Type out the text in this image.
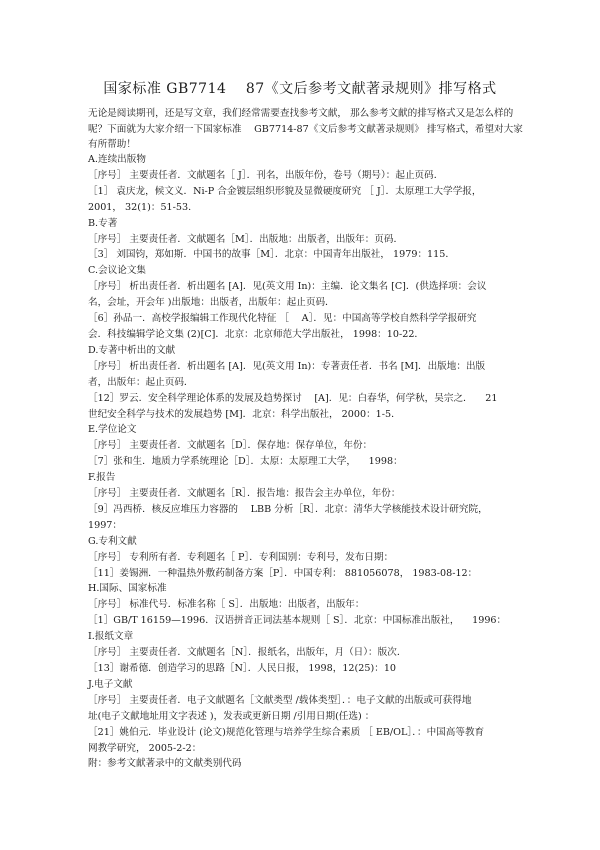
国家标准 GB7714 　87《文后参考文献著录规则》排写格式

无论是阅读期刊，还是写文章，我们经常需要查找参考文献， 那么参考文献的排写格式又是怎么样的呢？下面就为大家介绍一下国家标准 　GB7714-87《文后参考文献著录规则》 排写格式，希望对大家有所帮助！

A.连续出版物
［序号］ 主要责任者．文献题名［ J］．刊名，出版年份，卷号（期号）：起止页码．
［1］ 袁庆龙，候文义．Ni-P 合金镀层组织形貌及显微硬度研究 ［ J］．太原理工大学学报，
2001， 32(1)：51-53.
B.专著
［序号］ 主要责任者．文献题名［M］．出版地：出版者，出版年：页码．
［3］ 刘国钧，郑如斯．中国书的故事［M］．北京：中国青年出版社， 1979：115．
C.会议论文集
［序号］ 析出责任者．析出题名 [A]．见(英文用 In)：主编．论文集名 [C]．(供选择项：会议
名，会址，开会年 )出版地：出版者，出版年：起止页码．
［6］孙品一．高校学报编辑工作现代化特征 ［ 　A］．见：中国高等学校自然科学学报研究
会．科技编辑学论文集 (2)[C]．北京：北京师范大学出版社， 1998：10-22．
D.专著中析出的文献
［序号］ 析出责任者．析出题名 [A]．见(英文用 In)：专著责任者．书名 [M]．出版地：出版
者，出版年：起止页码．
［12］罗云．安全科学理论体系的发展及趋势探讨 　[A]．见：白春华，何学秋，吴宗之． 　21
世纪安全科学与技术的发展趋势 [M]．北京：科学出版社， 2000：1-5．
E.学位论文
［序号］ 主要责任者．文献题名［D］．保存地：保存单位，年份：
［7］张和生．地质力学系统理论［D］．太原：太原理工大学， 　1998：
F.报告
［序号］ 主要责任者．文献题名［R］．报告地：报告会主办单位，年份：
［9］冯西桥．核反应堆压力容器的 　LBB 分析［R］．北京：清华大学核能技术设计研究院，
1997：
G.专利文献
［序号］ 专利所有者．专利题名［ P］．专利国别：专利号，发布日期：
［11］姜锡洲．一种温热外敷药制备方案［P］．中国专利： 881056078， 1983-08-12：
H.国际、国家标准
［序号］ 标准代号．标准名称［ S］．出版地：出版者，出版年：
［1］GB/T 16159—1996．汉语拼音正词法基本规则［ S］．北京：中国标准出版社， 　1996：
I.报纸文章
［序号］ 主要责任者．文献题名［N］．报纸名，出版年，月（日）：版次．
［13］谢希德．创造学习的思路［N］．人民日报， 1998，12(25)：10
J.电子文献
［序号］ 主要责任者．电子文献题名［文献类型 /载体类型］．：电子文献的出版或可获得地
址(电子文献地址用文字表述 )，发表或更新日期 /引用日期(任选) ：
［21］姚伯元．毕业设计 (论文)规范化管理与培养学生综合素质 ［ EB/OL］．：中国高等教育
网教学研究， 2005-2-2：
附：参考文献著录中的文献类别代码
